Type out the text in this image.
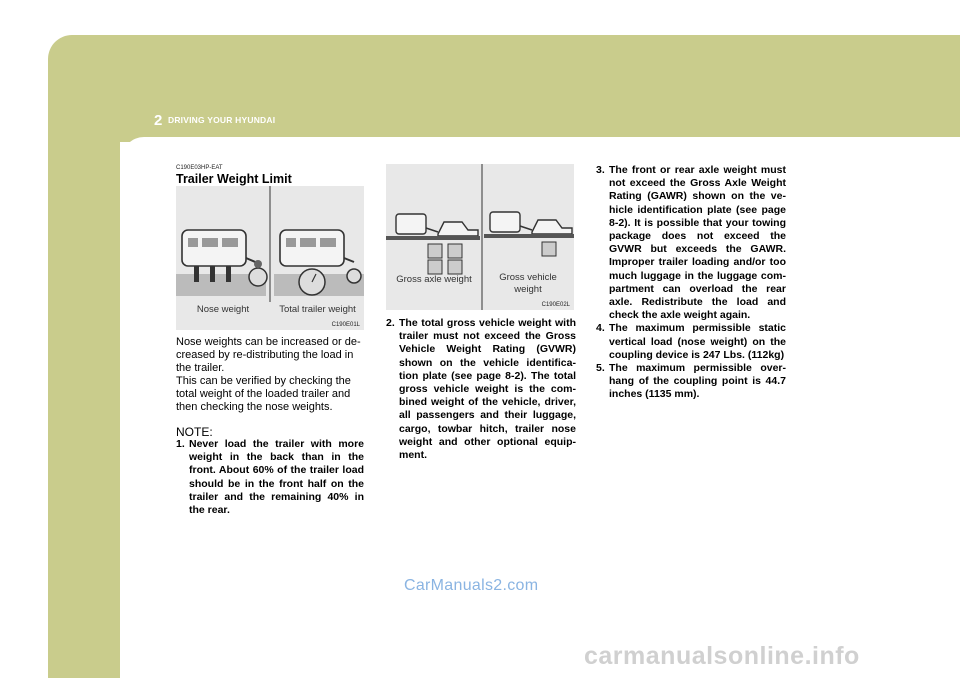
2 DRIVING YOUR HYUNDAI
28
C190E03HP-EAT
Trailer Weight Limit
Nose weight	Total trailer weight
C190E01L
Nose weights can be increased or de-creased by re-distributing the load in the trailer.
This can be verified by checking the total weight of the loaded trailer and then checking the nose weights.
NOTE:
1. Never load the trailer with more weight in the back than in the front. About 60% of the trailer load should be in the front half on the trailer and the remaining 40% in the rear.
Gross axle weight	Gross vehicle weight
C190E02L
2. The total gross vehicle weight with trailer must not exceed the Gross Vehicle Weight Rating (GVWR) shown on the vehicle identifica-tion plate (see page 8-2). The total gross vehicle weight is the com-bined weight of the vehicle, driver, all passengers and their luggage, cargo, towbar hitch, trailer nose weight and other optional equip-ment.
3. The front or rear axle weight must not exceed the Gross Axle Weight Rating (GAWR) shown on the ve-hicle identification plate (see page 8-2). It is possible that your towing package does not exceed the GVWR but exceeds the GAWR. Improper trailer loading and/or too much luggage in the luggage com-partment can overload the rear axle. Redistribute the load and check the axle weight again.
4. The maximum permissible static vertical load (nose weight) on the coupling device is 247 Lbs. (112kg)
5. The maximum permissible over-hang of the coupling point is 44.7 inches (1135 mm).
CarManuals2.com
carmanualsonline.info
